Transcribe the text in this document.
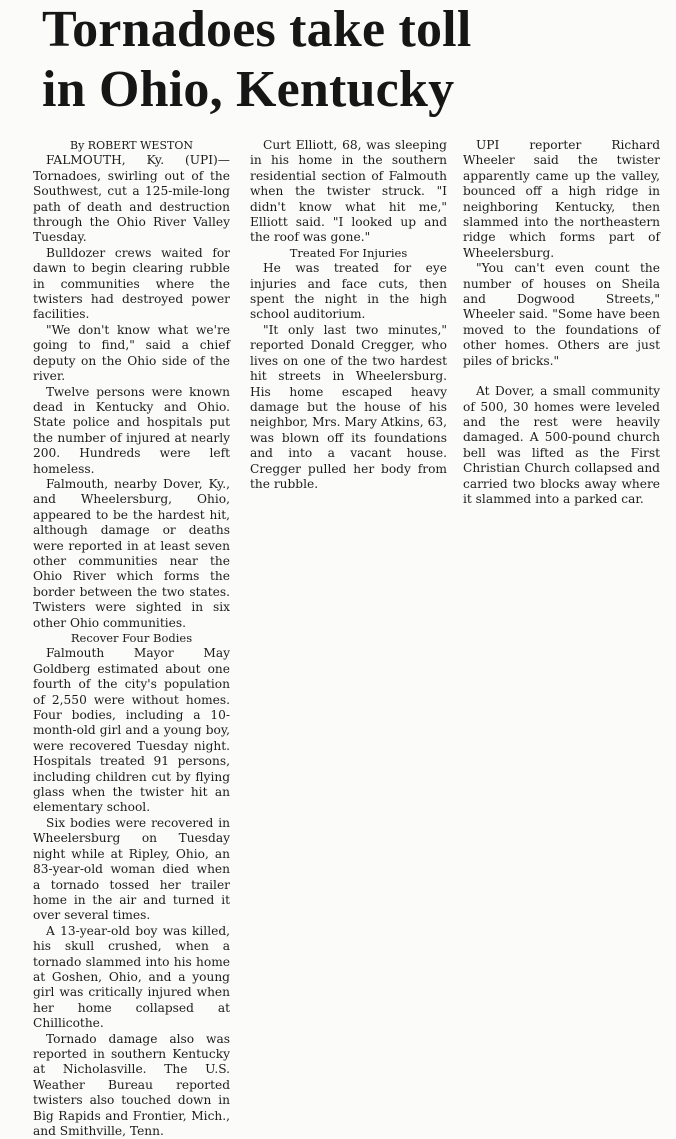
Tornadoes take toll
in Ohio, Kentucky

By ROBERT WESTON

FALMOUTH, Ky. (UPI)— Tornadoes, swirling out of the Southwest, cut a 125-mile-long path of death and destruction through the Ohio River Valley Tuesday.

Bulldozer crews waited for dawn to begin clearing rubble in communities where the twisters had destroyed power facilities.

"We don't know what we're going to find," said a chief deputy on the Ohio side of the river.

Twelve persons were known dead in Kentucky and Ohio. State police and hospitals put the number of injured at nearly 200. Hundreds were left homeless.

Falmouth, nearby Dover, Ky., and Wheelersburg, Ohio, appeared to be the hardest hit, although damage or deaths were reported in at least seven other communities near the Ohio River which forms the border between the two states. Twisters were sighted in six other Ohio communities.

Recover Four Bodies

Falmouth Mayor May Goldberg estimated about one fourth of the city's population of 2,550 were without homes. Four bodies, including a 10-month-old girl and a young boy, were recovered Tuesday night. Hospitals treated 91 persons, including children cut by flying glass when the twister hit an elementary school.

Six bodies were recovered in Wheelersburg on Tuesday night while at Ripley, Ohio, an 83-year-old woman died when a tornado tossed her trailer home in the air and turned it over several times.

A 13-year-old boy was killed, his skull crushed, when a tornado slammed into his home at Goshen, Ohio, and a young girl was critically injured when her home collapsed at Chillicothe.

Tornado damage also was reported in southern Kentucky at Nicholasville. The U.S. Weather Bureau reported twisters also touched down in Big Rapids and Frontier, Mich., and Smithville, Tenn.

Curt Elliott, 68, was sleeping in his home in the southern residential section of Falmouth when the twister struck. "I didn't know what hit me," Elliott said. "I looked up and the roof was gone."

Treated For Injuries

He was treated for eye injuries and face cuts, then spent the night in the high school auditorium.

"It only last two minutes," reported Donald Cregger, who lives on one of the two hardest hit streets in Wheelersburg. His home escaped heavy damage but the house of his neighbor, Mrs. Mary Atkins, 63, was blown off its foundations and into a vacant house. Cregger pulled her body from the rubble.

UPI reporter Richard Wheeler said the twister apparently came up the valley, bounced off a high ridge in neighboring Kentucky, then slammed into the northeastern ridge which forms part of Wheelersburg.

"You can't even count the number of houses on Sheila and Dogwood Streets," Wheeler said. "Some have been moved to the foundations of other homes. Others are just piles of bricks."

At Dover, a small community of 500, 30 homes were leveled and the rest were heavily damaged. A 500-pound church bell was lifted as the First Christian Church collapsed and carried two blocks away where it slammed into a parked car.
